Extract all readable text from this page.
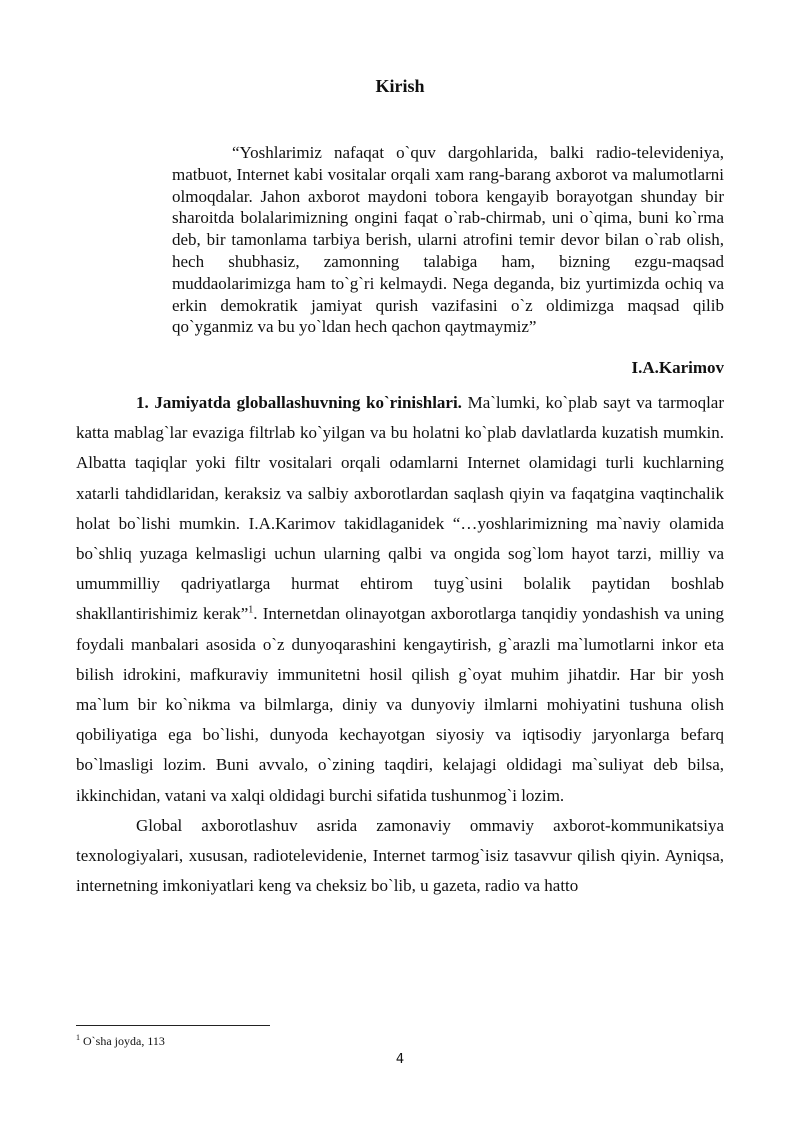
Kirish

“Yoshlarimiz nafaqat o`quv dargohlarida, balki radio-televideniya, matbuot, Internet kabi vositalar orqali xam rang-barang axborot va malumotlarni olmoqdalar. Jahon axborot maydoni tobora kengayib borayotgan shunday bir sharoitda bolalarimizning ongini faqat o`rab-chirmab, uni o`qima, buni ko`rma deb, bir tamonlama tarbiya berish, ularni atrofini temir devor bilan o`rab olish, hech shubhasiz, zamonning talabiga ham, bizning ezgu-maqsad muddaolarimizga ham to`g`ri kelmaydi. Nega deganda, biz yurtimizda ochiq va erkin demokratik jamiyat qurish vazifasini o`z oldimizga maqsad qilib qo`yganmiz va bu yo`ldan hech qachon qaytmaymiz”

I.A.Karimov

1. Jamiyatda globallashuvning ko`rinishlari. Ma`lumki, ko`plab sayt va tarmoqlar katta mablag`lar evaziga filtrlab ko`yilgan va bu holatni ko`plab davlatlarda kuzatish mumkin. Albatta taqiqlar yoki filtr vositalari orqali odamlarni Internet olamidagi turli kuchlarning xatarli tahdidlaridan, keraksiz va salbiy axborotlardan saqlash qiyin va faqatgina vaqtinchalik holat bo`lishi mumkin. I.A.Karimov takidlaganidek “…yoshlarimizning ma`naviy olamida bo`shliq yuzaga kelmasligi uchun ularning qalbi va ongida sog`lom hayot tarzi, milliy va umummilliy qadriyatlarga hurmat ehtirom tuyg`usini bolalik paytidan boshlab shakllantirishimiz kerak”$^1$. Internetdan olinayotgan axborotlarga tanqidiy yondashish va uning foydali manbalari asosida o`z dunyoqarashini kengaytirish, g`arazli ma`lumotlarni inkor eta bilish idrokini, mafkuraviy immunitetni hosil qilish g`oyat muhim jihatdir. Har bir yosh ma`lum bir ko`nikma va bilmlarga, diniy va dunyoviy ilmlarni mohiyatini tushuna olish qobiliyatiga ega bo`lishi, dunyoda kechayotgan siyosiy va iqtisodiy jaryonlarga befarq bo`lmasligi lozim. Buni avvalo, o`zining taqdiri, kelajagi oldidagi ma`suliyat deb bilsa, ikkinchidan, vatani va xalqi oldidagi burchi sifatida tushunmog`i lozim.

Global axborotlashuv asrida zamonaviy ommaviy axborot-kommunikatsiya texnologiyalari, xususan, radiotelevidenie, Internet tarmog`isiz tasavvur qilish qiyin. Ayniqsa, internetning imkoniyatlari keng va cheksiz bo`lib, u gazeta, radio va hatto

$^1$ O`sha joyda, 113
4
